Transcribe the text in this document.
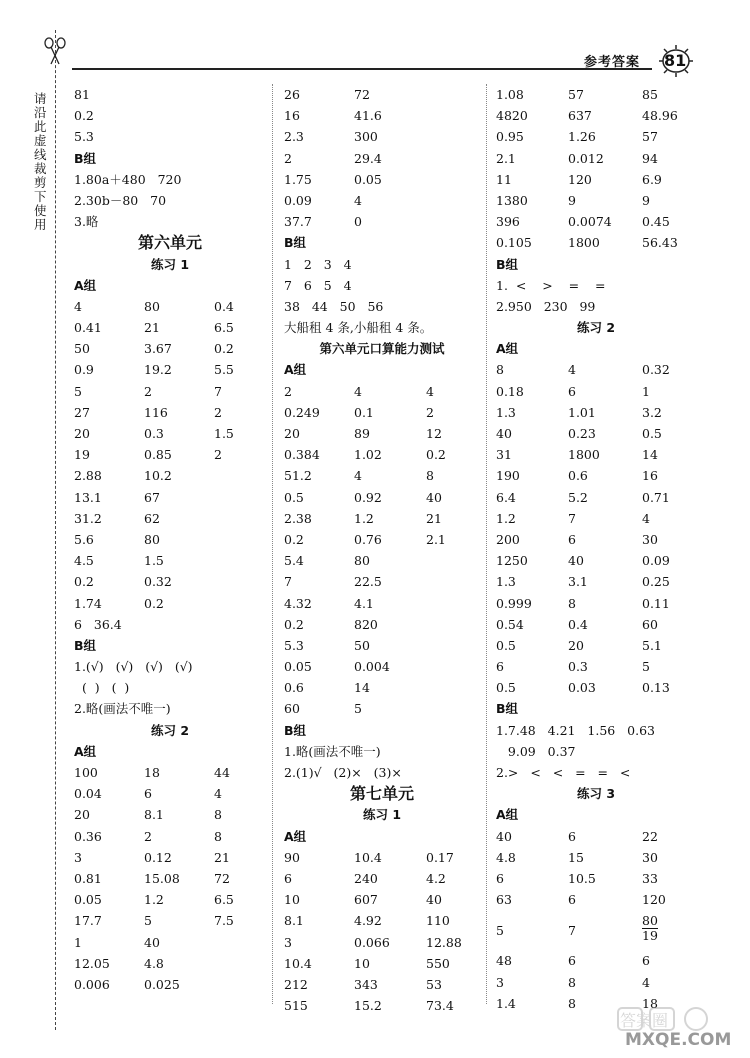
参考答案 81
请沿此虚线裁剪下使用
81
0.2
5.3
B组
1.80a＋480   720
2.30b－80   70
3.略
第六单元
练习 1
A组
4	80	0.4
0.41	21	6.5
50	3.67	0.2
0.9	19.2	5.5
5	2	7
27	116	2
20	0.3	1.5
19	0.85	2
2.88	10.2
13.1	67
31.2	62
5.6	80
4.5	1.5
0.2	0.32
1.74	0.2
6   36.4
B组
1.(√)   (√)   (√)   (√)
(  )   (  )
2.略(画法不唯一)
练习 2
A组
100	18	44
0.04	6	4
20	8.1	8
0.36	2	8
3	0.12	21
0.81	15.08	72
0.05	1.2	6.5
17.7	5	7.5
1	40
12.05	4.8
0.006	0.025
26	72
16	41.6
2.3	300
2	29.4
1.75	0.05
0.09	4
37.7	0
B组
1   2   3   4
7   6   5   4
38   44   50   56
大船租 4 条,小船租 4 条。
第六单元口算能力测试
A组
2	4	4
0.249	0.1	2
20	89	12
0.384	1.02	0.2
51.2	4	8
0.5	0.92	40
2.38	1.2	21
0.2	0.76	2.1
5.4	80
7	22.5
4.32	4.1
0.2	820
5.3	50
0.05	0.004
0.6	14
60	5
B组
1.略(画法不唯一)
2.(1)√   (2)×   (3)×
第七单元
练习 1
A组
90	10.4	0.17
6	240	4.2
10	607	40
8.1	4.92	110
3	0.066	12.88
10.4	10	550
212	343	53
515	15.2	73.4
1.08	57	85
4820	637	48.96
0.95	1.26	57
2.1	0.012	94
11	120	6.9
1380	9	9
396	0.0074 0.45
0.105	1800	56.43
B组
1.  <    >    =    =
2.950   230   99
练习 2
A组
8	4	0.32
0.18	6	1
1.3	1.01	3.2
40	0.23	0.5
31	1800	14
190	0.6	16
6.4	5.2	0.71
1.2	7	4
200	6	30
1250	40	0.09
1.3	3.1	0.25
0.999	8	0.11
0.54	0.4	60
0.5	20	5.1
6	0.3	5
0.5	0.03	0.13
B组
1.7.48   4.21   1.56   0.63
9.09   0.37
2.>   <   <   =   =   <
练习 3
A组
40	6	22
4.8	15	30
6	10.5	33
63	6	120
5	7	$\frac{80}{19}$
48	6	6
3	8	4
1.4	8	18
答案圈
MXQE.COM
